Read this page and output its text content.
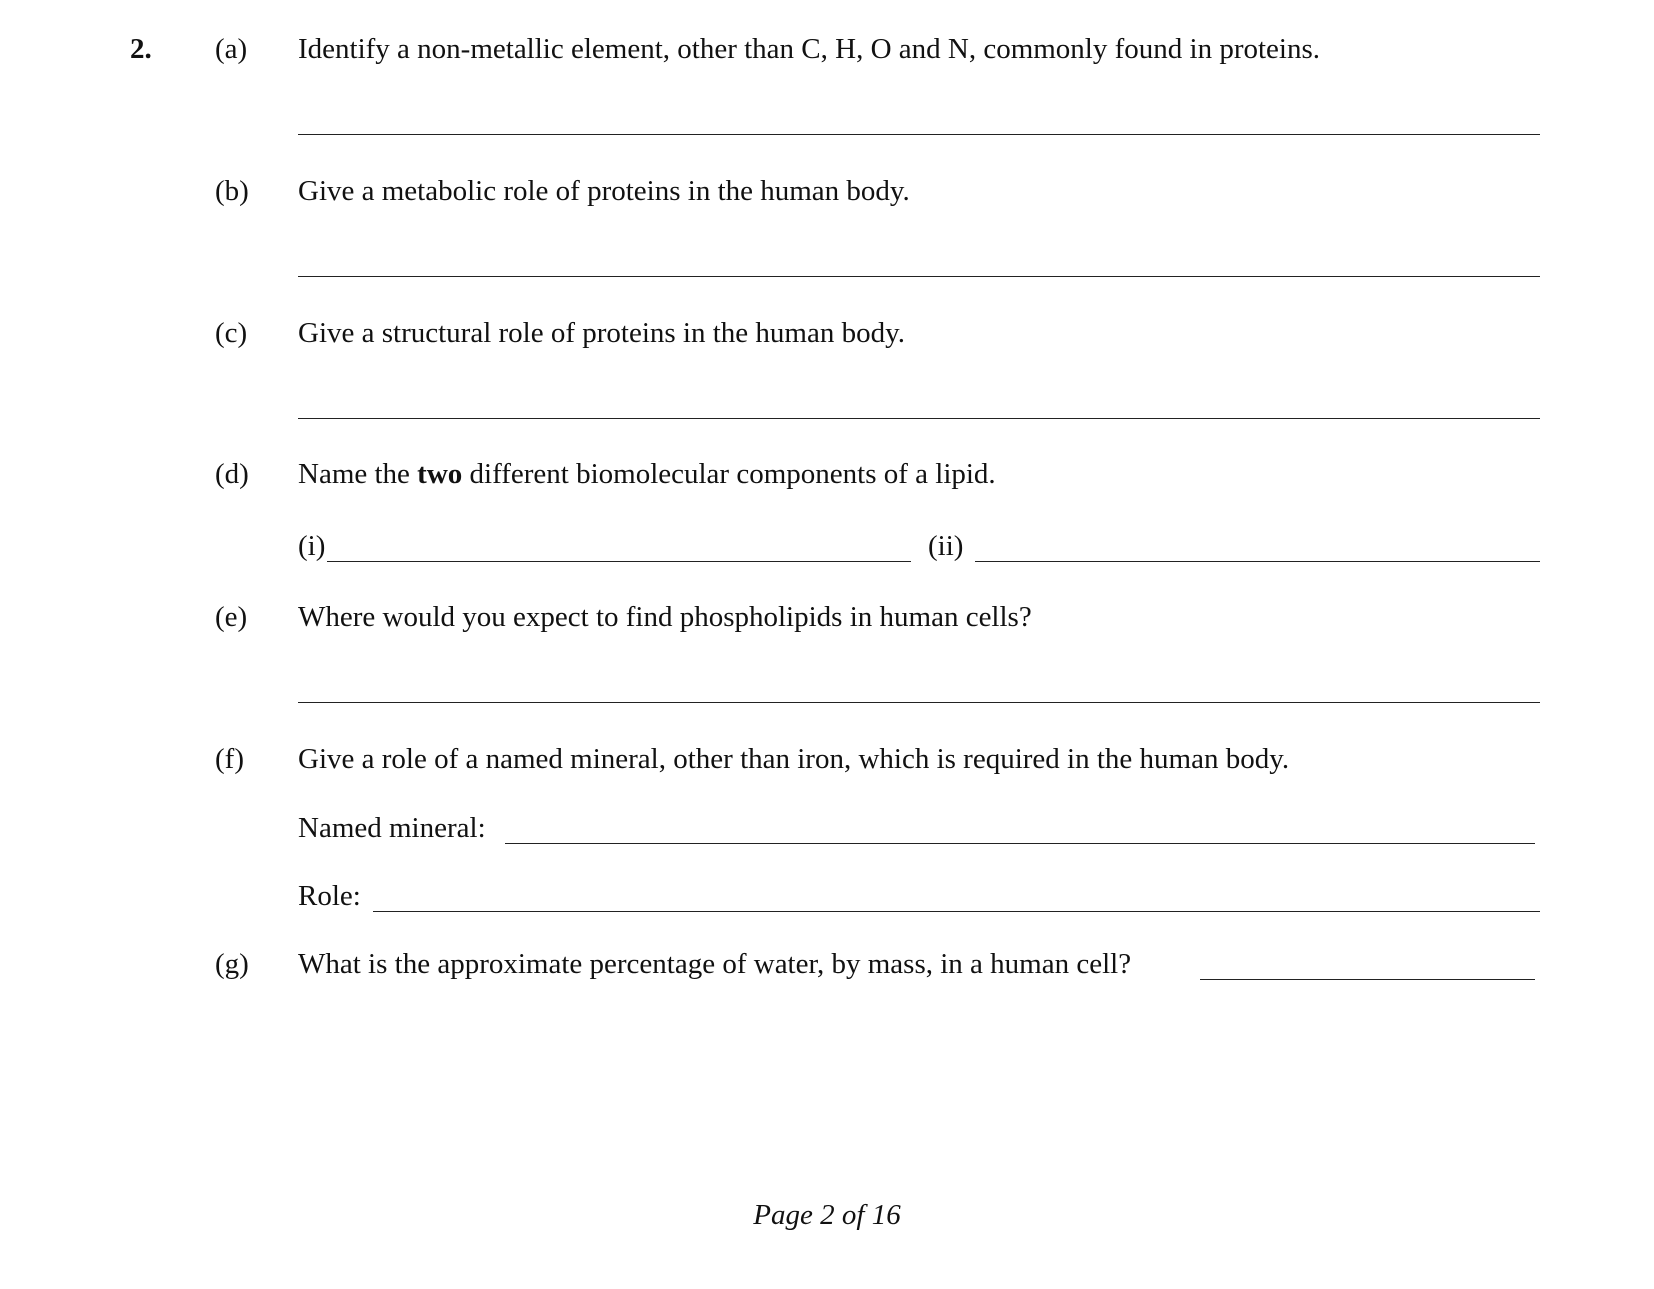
2. (a) Identify a non-metallic element, other than C, H, O and N, commonly found in proteins.
(b) Give a metabolic role of proteins in the human body.
(c) Give a structural role of proteins in the human body.
(d) Name the two different biomolecular components of a lipid.
(i)	(ii)
(e) Where would you expect to find phospholipids in human cells?
(f) Give a role of a named mineral, other than iron, which is required in the human body.
Named mineral:
Role:
(g) What is the approximate percentage of water, by mass, in a human cell?
Page 2 of 16
